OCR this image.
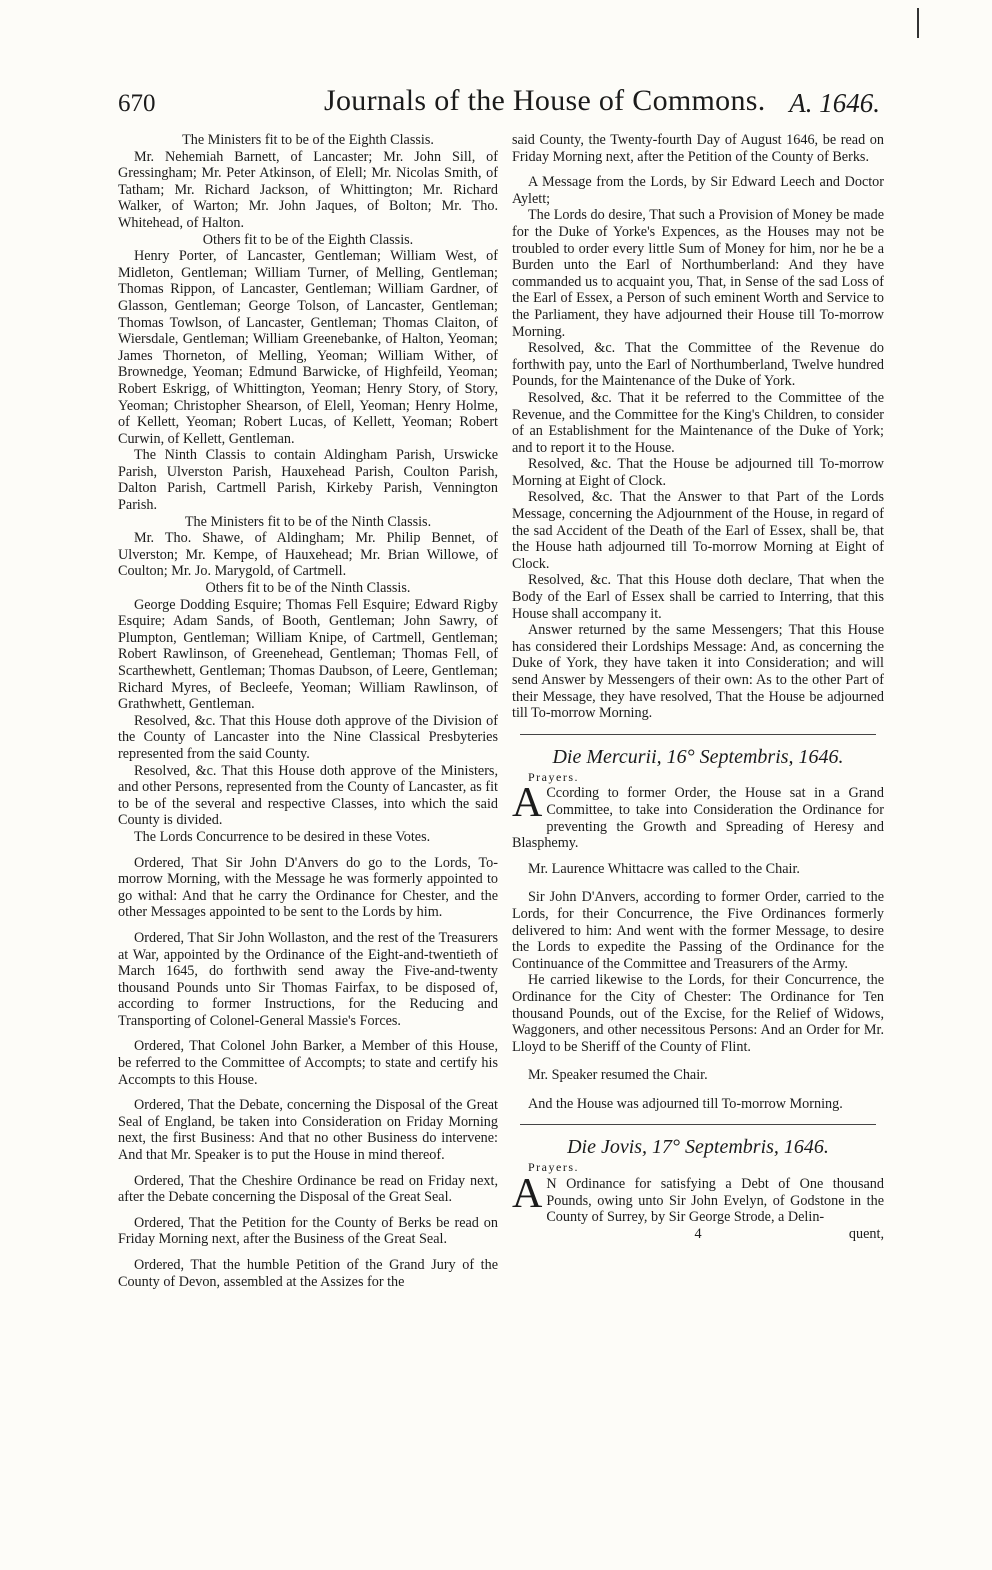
670	Journals of the House of Commons. A. 1646.

The Ministers fit to be of the Eighth Classis.

Mr. Nehemiah Barnett, of Lancaster; Mr. John Sill, of Gressingham; Mr. Peter Atkinson, of Elell; Mr. Nicolas Smith, of Tatham; Mr. Richard Jackson, of Whittington; Mr. Richard Walker, of Warton; Mr. John Jaques, of Bolton; Mr. Tho. Whitehead, of Halton.

Others fit to be of the Eighth Classis.

Henry Porter, of Lancaster, Gentleman; William West, of Midleton, Gentleman; William Turner, of Melling, Gentleman; Thomas Rippon, of Lancaster, Gentleman; William Gardner, of Glasson, Gentleman; George Tolson, of Lancaster, Gentleman; Thomas Towlson, of Lancaster, Gentleman; Thomas Claiton, of Wiersdale, Gentleman; William Greenebanke, of Halton, Yeoman; James Thorneton, of Melling, Yeoman; William Wither, of Brownedge, Yeoman; Edmund Barwicke, of Highfeild, Yeoman; Robert Eskrigg, of Whittington, Yeoman; Henry Story, of Story, Yeoman; Christopher Shearson, of Elell, Yeoman; Henry Holme, of Kellett, Yeoman; Robert Lucas, of Kellett, Yeoman; Robert Curwin, of Kellett, Gentleman.

The Ninth Classis to contain Aldingham Parish, Urswicke Parish, Ulverston Parish, Hauxehead Parish, Coulton Parish, Dalton Parish, Cartmell Parish, Kirkeby Parish, Vennington Parish.

The Ministers fit to be of the Ninth Classis.

Mr. Tho. Shawe, of Aldingham; Mr. Philip Bennet, of Ulverston; Mr. Kempe, of Hauxehead; Mr. Brian Willowe, of Coulton; Mr. Jo. Marygold, of Cartmell.

Others fit to be of the Ninth Classis.

George Dodding Esquire; Thomas Fell Esquire; Edward Rigby Esquire; Adam Sands, of Booth, Gentleman; John Sawry, of Plumpton, Gentleman; William Knipe, of Cartmell, Gentleman; Robert Rawlinson, of Greenehead, Gentleman; Thomas Fell, of Scarthewhett, Gentleman; Thomas Daubson, of Leere, Gentleman; Richard Myres, of Becleefe, Yeoman; William Rawlinson, of Grathwhett, Gentleman.

Resolved, &c. That this House doth approve of the Division of the County of Lancaster into the Nine Classical Presbyteries represented from the said County.

Resolved, &c. That this House doth approve of the Ministers, and other Persons, represented from the County of Lancaster, as fit to be of the several and respective Classes, into which the said County is divided.

The Lords Concurrence to be desired in these Votes.

Ordered, That Sir John D'Anvers do go to the Lords, To-morrow Morning, with the Message he was formerly appointed to go withal: And that he carry the Ordinance for Chester, and the other Messages appointed to be sent to the Lords by him.

Ordered, That Sir John Wollaston, and the rest of the Treasurers at War, appointed by the Ordinance of the Eight-and-twentieth of March 1645, do forthwith send away the Five-and-twenty thousand Pounds unto Sir Thomas Fairfax, to be disposed of, according to former Instructions, for the Reducing and Transporting of Colonel-General Massie's Forces.

Ordered, That Colonel John Barker, a Member of this House, be referred to the Committee of Accompts; to state and certify his Accompts to this House.

Ordered, That the Debate, concerning the Disposal of the Great Seal of England, be taken into Consideration on Friday Morning next, the first Business: And that no other Business do intervene: And that Mr. Speaker is to put the House in mind thereof.

Ordered, That the Cheshire Ordinance be read on Friday next, after the Debate concerning the Disposal of the Great Seal.

Ordered, That the Petition for the County of Berks be read on Friday Morning next, after the Business of the Great Seal.

Ordered, That the humble Petition of the Grand Jury of the County of Devon, assembled at the Assizes for the

said County, the Twenty-fourth Day of August 1646, be read on Friday Morning next, after the Petition of the County of Berks.

A Message from the Lords, by Sir Edward Leech and Doctor Aylett;

The Lords do desire, That such a Provision of Money be made for the Duke of Yorke's Expences, as the Houses may not be troubled to order every little Sum of Money for him, nor he be a Burden unto the Earl of Northumberland: And they have commanded us to acquaint you, That, in Sense of the sad Loss of the Earl of Essex, a Person of such eminent Worth and Service to the Parliament, they have adjourned their House till To-morrow Morning.

Resolved, &c. That the Committee of the Revenue do forthwith pay, unto the Earl of Northumberland, Twelve hundred Pounds, for the Maintenance of the Duke of York.

Resolved, &c. That it be referred to the Committee of the Revenue, and the Committee for the King's Children, to consider of an Establishment for the Maintenance of the Duke of York; and to report it to the House.

Resolved, &c. That the House be adjourned till To-morrow Morning at Eight of Clock.

Resolved, &c. That the Answer to that Part of the Lords Message, concerning the Adjournment of the House, in regard of the sad Accident of the Death of the Earl of Essex, shall be, that the House hath adjourned till To-morrow Morning at Eight of Clock.

Resolved, &c. That this House doth declare, That when the Body of the Earl of Essex shall be carried to Interring, that this House shall accompany it.

Answer returned by the same Messengers; That this House has considered their Lordships Message: And, as concerning the Duke of York, they have taken it into Consideration; and will send Answer by Messengers of their own: As to the other Part of their Message, they have resolved, That the House be adjourned till To-morrow Morning.

Die Mercurii, 16° Septembris, 1646.

Prayers.

A Ccording to former Order, the House sat in a Grand Committee, to take into Consideration the Ordinance for preventing the Growth and Spreading of Heresy and Blasphemy.

Mr. Laurence Whittacre was called to the Chair.

Sir John D'Anvers, according to former Order, carried to the Lords, for their Concurrence, the Five Ordinances formerly delivered to him: And went with the former Message, to desire the Lords to expedite the Passing of the Ordinance for the Continuance of the Committee and Treasurers of the Army.

He carried likewise to the Lords, for their Concurrence, the Ordinance for the City of Chester: The Ordinance for Ten thousand Pounds, out of the Excise, for the Relief of Widows, Waggoners, and other necessitous Persons: And an Order for Mr. Lloyd to be Sheriff of the County of Flint.

Mr. Speaker resumed the Chair.

And the House was adjourned till To-morrow Morning.

Die Jovis, 17° Septembris, 1646.

Prayers.

A N Ordinance for satisfying a Debt of One thousand Pounds, owing unto Sir John Evelyn, of Godstone in the County of Surrey, by Sir George Strode, a Delin-

4	quent,
